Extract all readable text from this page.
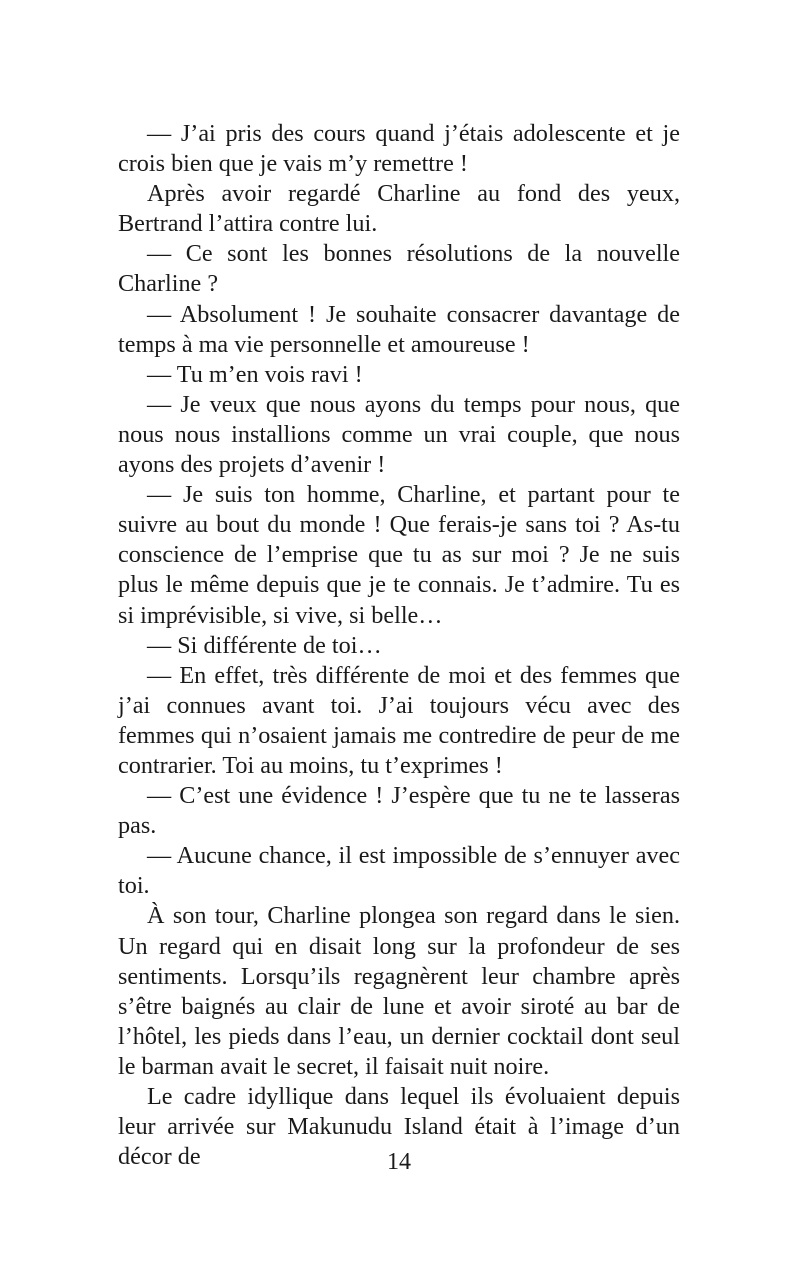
— J’ai pris des cours quand j’étais adolescente et je crois bien que je vais m’y remettre !

Après avoir regardé Charline au fond des yeux, Bertrand l’attira contre lui.

— Ce sont les bonnes résolutions de la nouvelle Charline ?

— Absolument ! Je souhaite consacrer davantage de temps à ma vie personnelle et amoureuse !

— Tu m’en vois ravi !

— Je veux que nous ayons du temps pour nous, que nous nous installions comme un vrai couple, que nous ayons des projets d’avenir !

— Je suis ton homme, Charline, et partant pour te suivre au bout du monde ! Que ferais-je sans toi ? As-tu conscience de l’emprise que tu as sur moi ? Je ne suis plus le même depuis que je te connais. Je t’admire. Tu es si imprévisible, si vive, si belle…

— Si différente de toi…

— En effet, très différente de moi et des femmes que j’ai connues avant toi. J’ai toujours vécu avec des femmes qui n’osaient jamais me contredire de peur de me contrarier. Toi au moins, tu t’exprimes !

— C’est une évidence ! J’espère que tu ne te lasseras pas.

— Aucune chance, il est impossible de s’ennuyer avec toi.

À son tour, Charline plongea son regard dans le sien. Un regard qui en disait long sur la profondeur de ses sentiments. Lorsqu’ils regagnèrent leur chambre après s’être baignés au clair de lune et avoir siroté au bar de l’hôtel, les pieds dans l’eau, un dernier cocktail dont seul le barman avait le secret, il faisait nuit noire.

Le cadre idyllique dans lequel ils évoluaient depuis leur arrivée sur Makunudu Island était à l’image d’un décor de	14
